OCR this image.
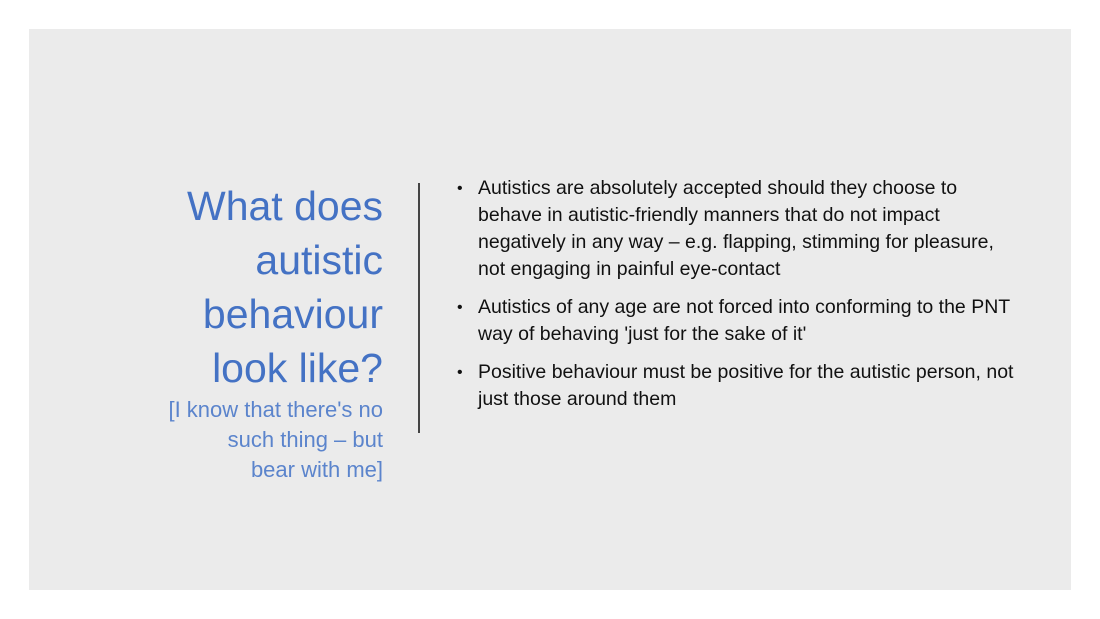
What does
autistic
behaviour
look like?
[I know that there's no
such thing – but
bear with me]
• Autistics are absolutely accepted should they choose to behave in autistic-friendly manners that do not impact negatively in any way – e.g. flapping, stimming for pleasure, not engaging in painful eye-contact
• Autistics of any age are not forced into conforming to the PNT way of behaving 'just for the sake of it'
• Positive behaviour must be positive for the autistic person, not just those around them
